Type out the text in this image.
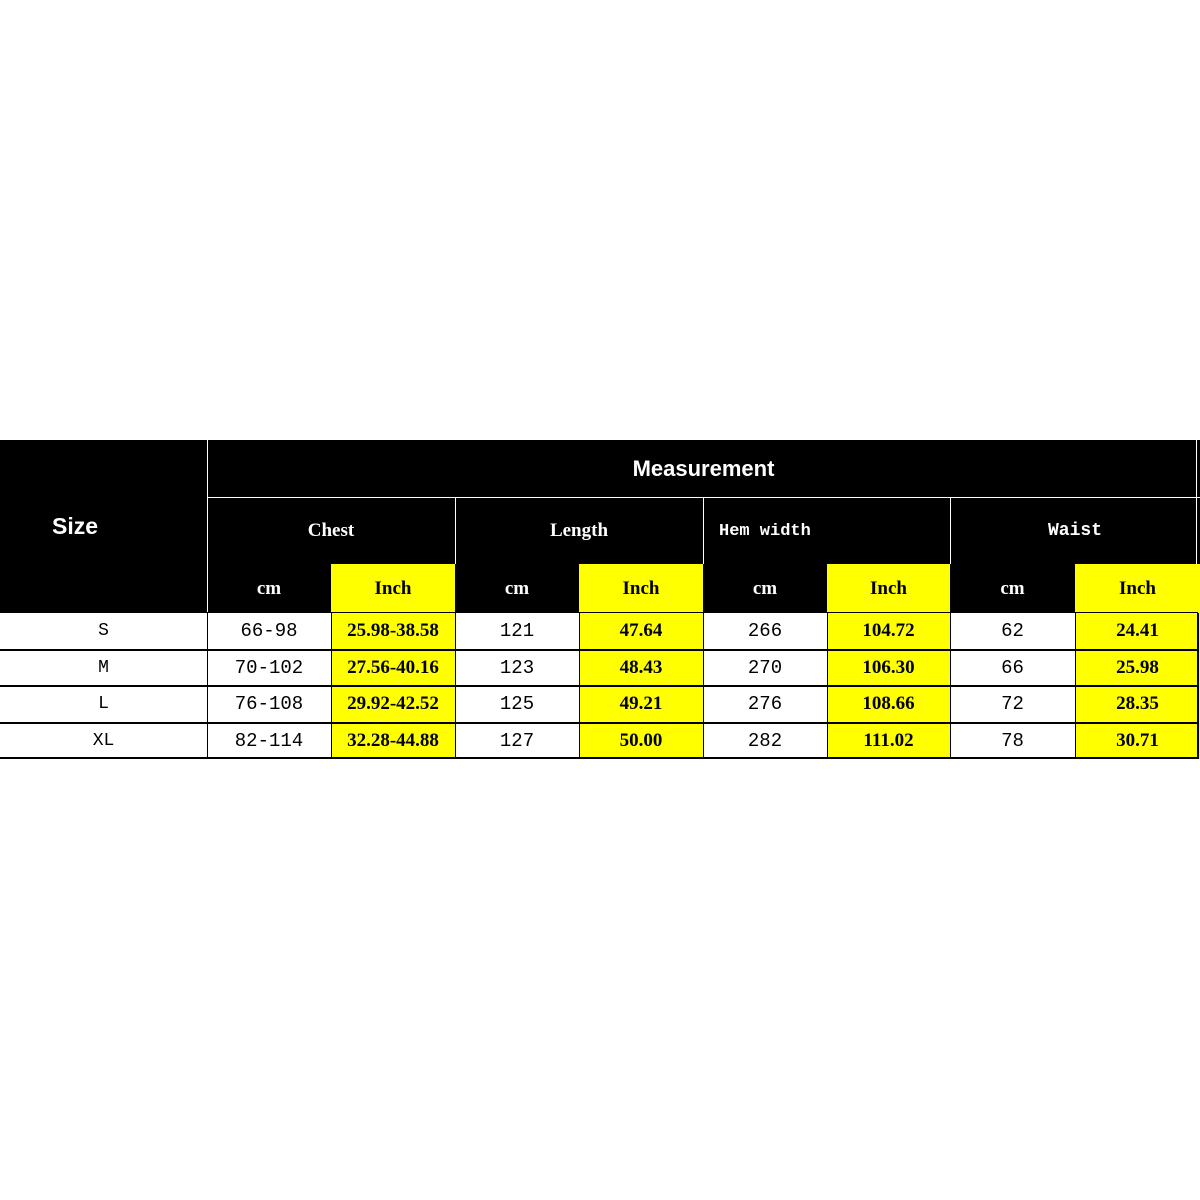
Size
Measurement
Chest	Length	Hem width	Waist
cm	Inch	cm	Inch	cm	Inch	cm	Inch
S	66-98	25.98-38.58	121	47.64	266	104.72	62	24.41
M	70-102	27.56-40.16	123	48.43	270	106.30	66	25.98
L	76-108	29.92-42.52	125	49.21	276	108.66	72	28.35
XL	82-114	32.28-44.88	127	50.00	282	111.02	78	30.71
